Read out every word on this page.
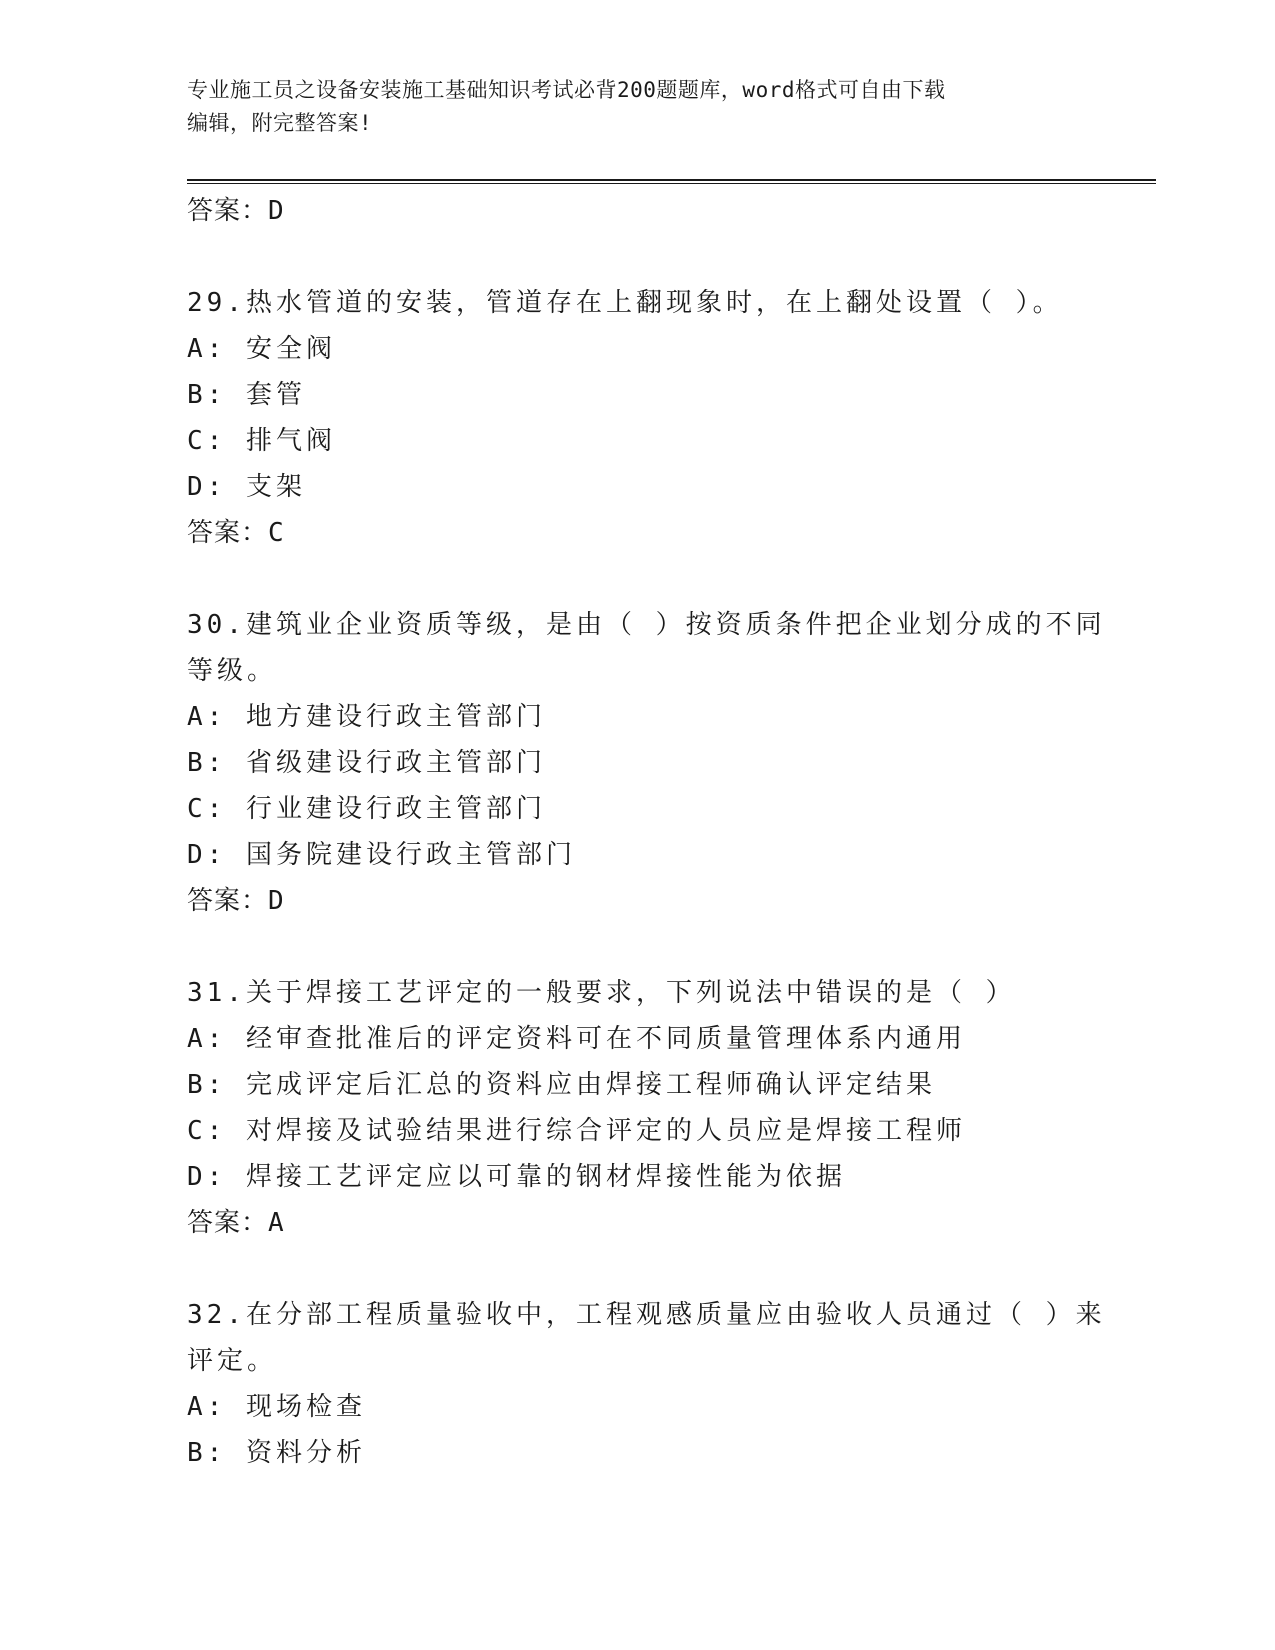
专业施工员之设备安装施工基础知识考试必背200题题库，word格式可自由下载
编辑，附完整答案!
答案：D
29.热水管道的安装，管道存在上翻现象时，在上翻处设置（ ）。
A: 安全阀
B: 套管
C: 排气阀
D: 支架
答案：C
30.建筑业企业资质等级，是由（ ）按资质条件把企业划分成的不同
等级。
A: 地方建设行政主管部门
B: 省级建设行政主管部门
C: 行业建设行政主管部门
D: 国务院建设行政主管部门
答案：D
31.关于焊接工艺评定的一般要求，下列说法中错误的是（ ）
A: 经审查批准后的评定资料可在不同质量管理体系内通用
B: 完成评定后汇总的资料应由焊接工程师确认评定结果
C: 对焊接及试验结果进行综合评定的人员应是焊接工程师
D: 焊接工艺评定应以可靠的钢材焊接性能为依据
答案：A
32.在分部工程质量验收中，工程观感质量应由验收人员通过（ ）来
评定。
A: 现场检查
B: 资料分析
